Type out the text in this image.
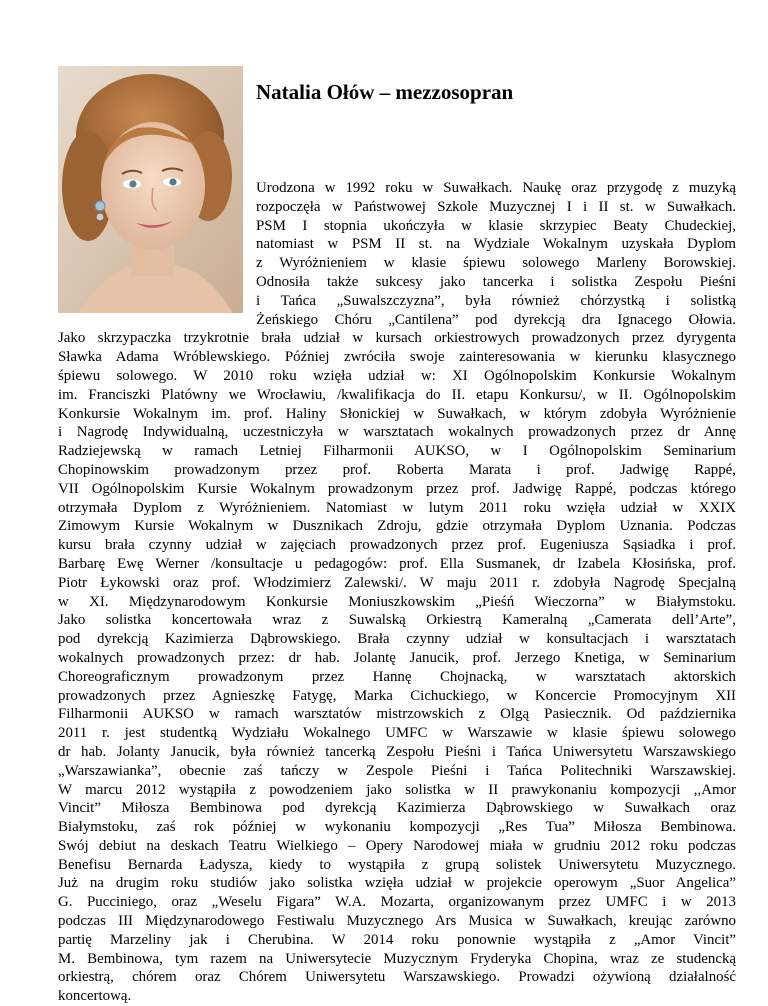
Natalia Ołów – mezzosopran
Urodzona w 1992 roku w Suwałkach. Naukę oraz przygodę z muzyką
rozpoczęła w Państwowej Szkole Muzycznej I i II st. w Suwałkach.
PSM I stopnia ukończyła w klasie skrzypiec Beaty Chudeckiej,
natomiast w PSM II st. na Wydziale Wokalnym uzyskała Dyplom
z Wyróżnieniem w klasie śpiewu solowego Marleny Borowskiej.
Odnosiła także sukcesy jako tancerka i solistka Zespołu Pieśni
i Tańca „Suwalszczyzna”, była również chórzystką i solistką
Żeńskiego Chóru „Cantilena” pod dyrekcją dra Ignacego Ołowia.
Jako skrzypaczka trzykrotnie brała udział w kursach orkiestrowych prowadzonych przez dyrygenta
Sławka Adama Wróblewskiego. Później zwróciła swoje zainteresowania w kierunku klasycznego
śpiewu solowego. W 2010 roku wzięła udział w: XI Ogólnopolskim Konkursie Wokalnym
im. Franciszki Platówny we Wrocławiu, /kwalifikacja do II. etapu Konkursu/, w II. Ogólnopolskim
Konkursie Wokalnym im. prof. Haliny Słonickiej w Suwałkach, w którym zdobyła Wyróżnienie
i Nagrodę Indywidualną, uczestniczyła w warsztatach wokalnych prowadzonych przez dr Annę
Radziejewską w ramach Letniej Filharmonii AUKSO, w I Ogólnopolskim Seminarium
Chopinowskim prowadzonym przez prof. Roberta Marata i prof. Jadwigę Rappé,
VII Ogólnopolskim Kursie Wokalnym prowadzonym przez prof. Jadwigę Rappé, podczas którego
otrzymała Dyplom z Wyróżnieniem. Natomiast w lutym 2011 roku wzięła udział w XXIX
Zimowym Kursie Wokalnym w Dusznikach Zdroju, gdzie otrzymała Dyplom Uznania. Podczas
kursu brała czynny udział w zajęciach prowadzonych przez prof. Eugeniusza Sąsiadka i prof.
Barbarę Ewę Werner /konsultacje u pedagogów: prof. Ella Susmanek, dr Izabela Kłosińska, prof.
Piotr Łykowski oraz prof. Włodzimierz Zalewski/. W maju 2011 r. zdobyła Nagrodę Specjalną
w XI. Międzynarodowym Konkursie Moniuszkowskim „Pieśń Wieczorna” w Białymstoku.
Jako solistka koncertowała wraz z Suwalską Orkiestrą Kameralną „Camerata dell’Arte”,
pod dyrekcją Kazimierza Dąbrowskiego. Brała czynny udział w konsultacjach i warsztatach
wokalnych prowadzonych przez: dr hab. Jolantę Janucik, prof. Jerzego Knetiga, w Seminarium
Choreograficznym prowadzonym przez Hannę Chojnacką, w warsztatach aktorskich
prowadzonych przez Agnieszkę Fatygę, Marka Cichuckiego, w Koncercie Promocyjnym XII
Filharmonii AUKSO w ramach warsztatów mistrzowskich z Olgą Pasiecznik. Od października
2011 r. jest studentką Wydziału Wokalnego UMFC w Warszawie w klasie śpiewu solowego
dr hab. Jolanty Janucik, była również tancerką Zespołu Pieśni i Tańca Uniwersytetu Warszawskiego
„Warszawianka”, obecnie zaś tańczy w Zespole Pieśni i Tańca Politechniki Warszawskiej.
W marcu 2012 wystąpiła z powodzeniem jako solistka w II prawykonaniu kompozycji ,,Amor
Vincit” Miłosza Bembinowa pod dyrekcją Kazimierza Dąbrowskiego w Suwałkach oraz
Białymstoku, zaś rok później w wykonaniu kompozycji „Res Tua” Miłosza Bembinowa.
Swój debiut na deskach Teatru Wielkiego – Opery Narodowej miała w grudniu 2012 roku podczas
Benefisu Bernarda Ładysza, kiedy to wystąpiła z grupą solistek Uniwersytetu Muzycznego.
Już na drugim roku studiów jako solistka wzięła udział w projekcie operowym „Suor Angelica”
G. Pucciniego, oraz „Weselu Figara” W.A. Mozarta, organizowanym przez UMFC i w 2013
podczas III Międzynarodowego Festiwalu Muzycznego Ars Musica w Suwałkach, kreując zarówno
partię Marzeliny jak i Cherubina. W 2014 roku ponownie wystąpiła z „Amor Vincit”
M. Bembinowa, tym razem na Uniwersytecie Muzycznym Fryderyka Chopina, wraz ze studencką
orkiestrą, chórem oraz Chórem Uniwersytetu Warszawskiego. Prowadzi ożywioną działalność
koncertową.
